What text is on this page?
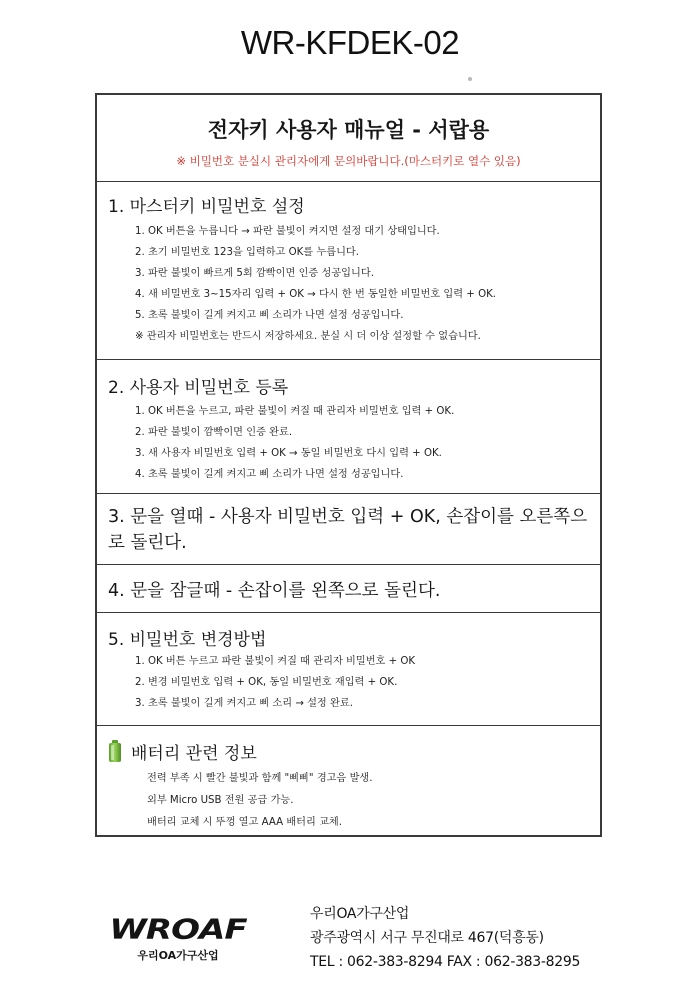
WR-KFDEK-02
전자키 사용자 매뉴얼 - 서랍용
※ 비밀번호 분실시 관리자에게 문의바랍니다.(마스터키로 열수 있음)
1. 마스터키 비밀번호 설정
1. OK 버튼을 누릅니다 → 파란 불빛이 켜지면 설정 대기 상태입니다.
2. 초기 비밀번호 123을 입력하고 OK를 누릅니다.
3. 파란 불빛이 빠르게 5회 깜빡이면 인증 성공입니다.
4. 새 비밀번호 3~15자리 입력 + OK → 다시 한 번 동일한 비밀번호 입력 + OK.
5. 초록 불빛이 길게 켜지고 삐 소리가 나면 설정 성공입니다.
※ 관리자 비밀번호는 반드시 저장하세요. 분실 시 더 이상 설정할 수 없습니다.
2. 사용자 비밀번호 등록
1. OK 버튼을 누르고, 파란 불빛이 켜질 때 관리자 비밀번호 입력 + OK.
2. 파란 불빛이 깜빡이면 인증 완료.
3. 새 사용자 비밀번호 입력 + OK → 동일 비밀번호 다시 입력 + OK.
4. 초록 불빛이 길게 켜지고 삐 소리가 나면 설정 성공입니다.
3. 문을 열때 - 사용자 비밀번호 입력 + OK, 손잡이를 오른쪽으로 돌린다.
4. 문을 잠글때 - 손잡이를 왼쪽으로 돌린다.
5. 비밀번호 변경방법
1. OK 버튼 누르고 파란 불빛이 켜질 때 관리자 비밀번호 + OK
2. 변경 비밀번호 입력 + OK, 동일 비밀번호 재입력 + OK.
3. 초록 불빛이 길게 켜지고 삐 소리 → 설정 완료.
배터리 관련 정보
전력 부족 시 빨간 불빛과 함께 "삐삐" 경고음 발생.
외부 Micro USB 전원 공급 가능.
배터리 교체 시 뚜껑 열고 AAA 배터리 교체.
WROAF
우리OA가구산업
우리OA가구산업
광주광역시 서구 무진대로 467(덕흥동)
TEL : 062-383-8294 FAX : 062-383-8295
